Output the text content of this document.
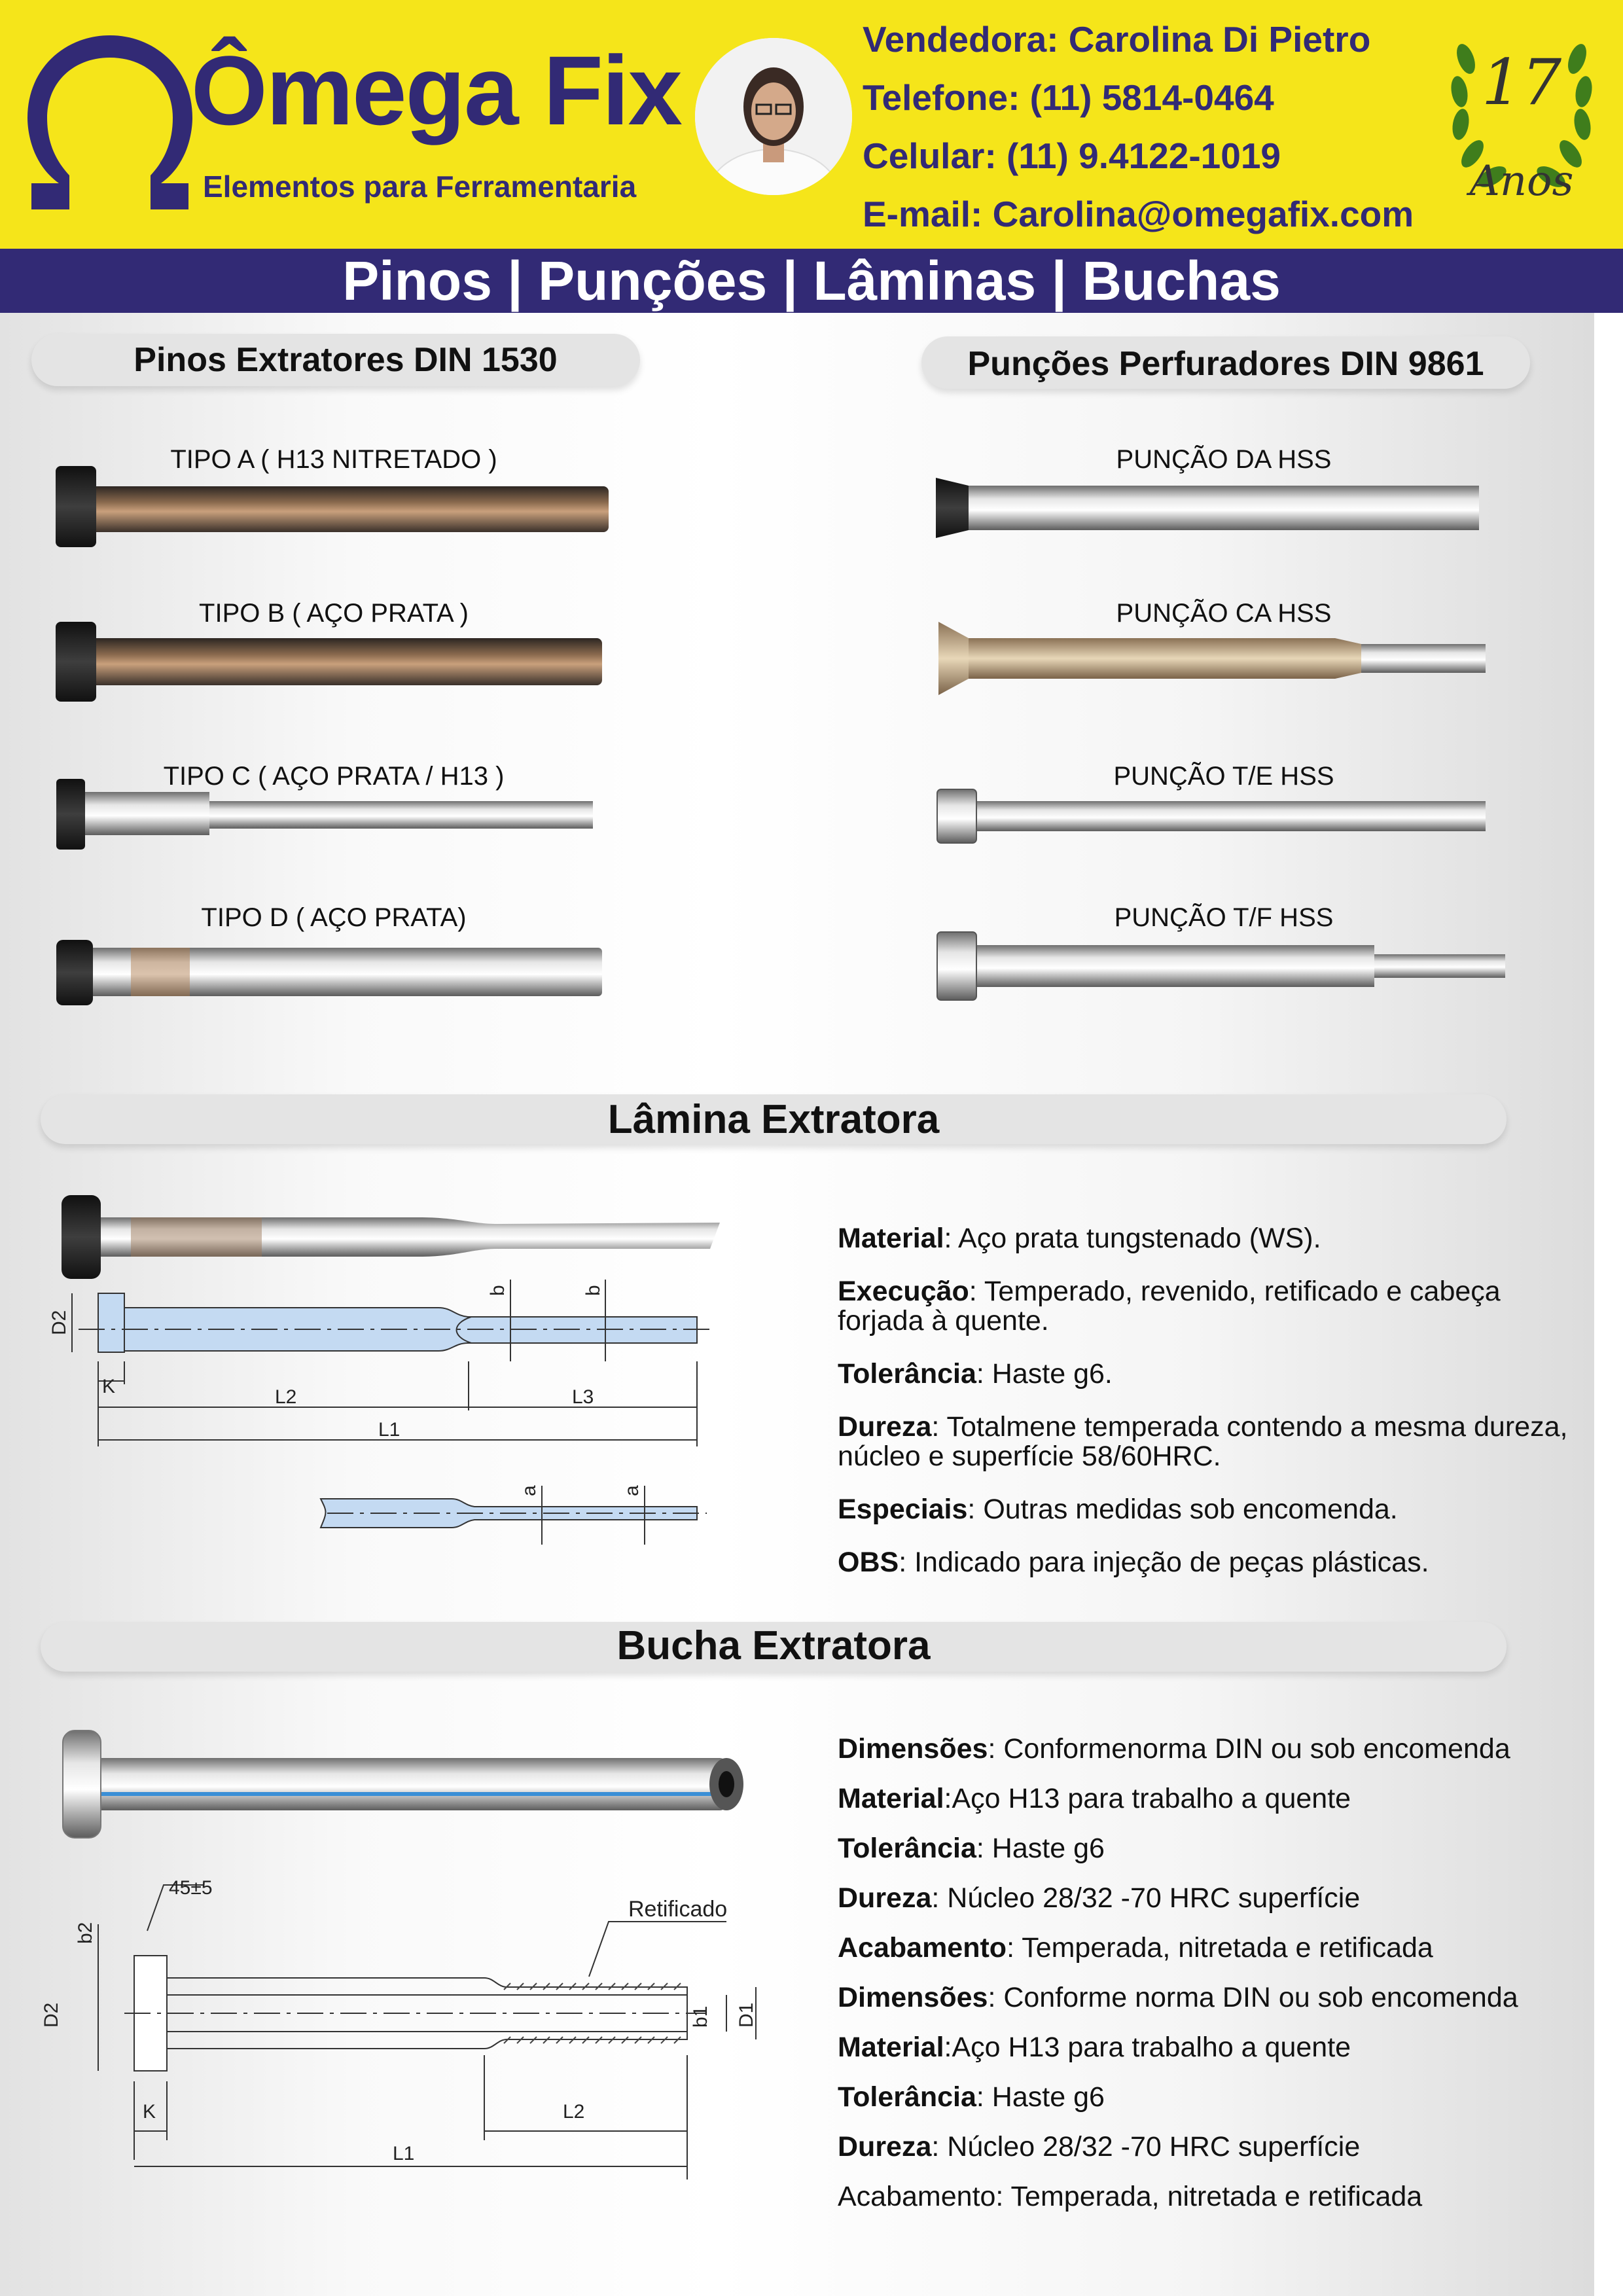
Ômega Fix
Elementos para Ferramentaria
Vendedora: Carolina Di Pietro
Telefone: (11) 5814-0464
Celular: (11) 9.4122-1019
E-mail: Carolina@omegafix.com
17
Anos
Pinos | Punções | Lâminas | Buchas
Pinos Extratores DIN 1530	Punções Perfuradores DIN 9861
D2
K	L2	L3
L1
b	b
a	a
45±5
Retificado
b2
D2	b1 D1
K	L2
L1
TIPO A ( H13 NITRETADO )
TIPO B ( AÇO PRATA )
TIPO C ( AÇO PRATA / H13 )
TIPO D ( AÇO PRATA)
PUNÇÃO DA HSS
PUNÇÃO CA HSS
PUNÇÃO T/E HSS
PUNÇÃO T/F HSS
Lâmina Extratora
Material: Aço prata tungstenado (WS).
Execução: Temperado, revenido, retificado e cabeça forjada à quente.
Tolerância: Haste g6.
Dureza: Totalmene temperada contendo a mesma dureza, núcleo e superfície 58/60HRC.
Especiais: Outras medidas sob encomenda.
OBS: Indicado para injeção de peças plásticas.
Bucha Extratora
Dimensões: Conformenorma DIN ou sob encomenda
Material:Aço H13 para trabalho a quente
Tolerância: Haste g6
Dureza: Núcleo 28/32 -70 HRC superfície
Acabamento: Temperada, nitretada e retificada
Dimensões: Conforme norma DIN ou sob encomenda
Material:Aço H13 para trabalho a quente
Tolerância: Haste g6
Dureza: Núcleo 28/32 -70 HRC superfície
Acabamento: Temperada, nitretada e retificada
